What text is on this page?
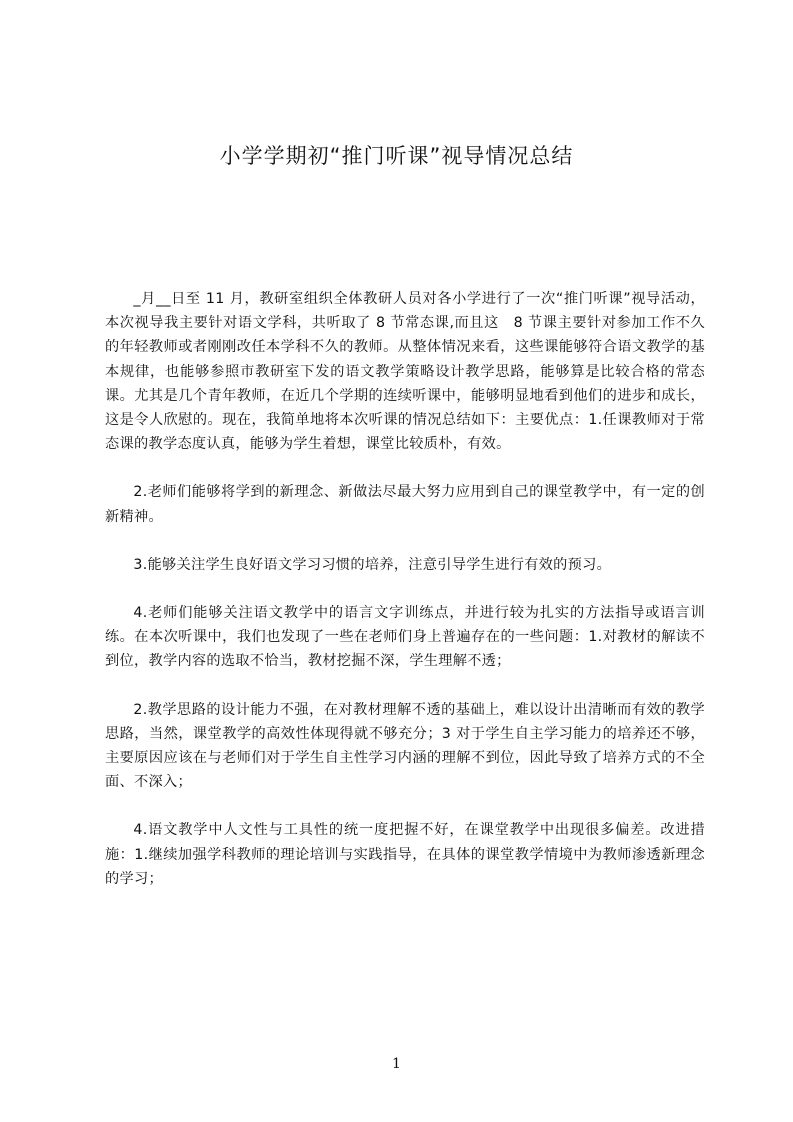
小学学期初“推门听课”视导情况总结

_月__日至 11 月，教研室组织全体教研人员对各小学进行了一次“推门听课”视导活动，本次视导我主要针对语文学科，共听取了 8 节常态课,而且这　8 节课主要针对参加工作不久的年轻教师或者刚刚改任本学科不久的教师。从整体情况来看，这些课能够符合语文教学的基本规律，也能够参照市教研室下发的语文教学策略设计教学思路，能够算是比较合格的常态课。尤其是几个青年教师，在近几个学期的连续听课中，能够明显地看到他们的进步和成长，这是令人欣慰的。现在，我简单地将本次听课的情况总结如下：主要优点：1.任课教师对于常态课的教学态度认真，能够为学生着想，课堂比较质朴，有效。

2.老师们能够将学到的新理念、新做法尽最大努力应用到自己的课堂教学中，有一定的创新精神。

3.能够关注学生良好语文学习习惯的培养，注意引导学生进行有效的预习。

4.老师们能够关注语文教学中的语言文字训练点，并进行较为扎实的方法指导或语言训练。在本次听课中，我们也发现了一些在老师们身上普遍存在的一些问题：1.对教材的解读不到位，教学内容的选取不恰当，教材挖掘不深，学生理解不透；

2.教学思路的设计能力不强，在对教材理解不透的基础上，难以设计出清晰而有效的教学思路，当然，课堂教学的高效性体现得就不够充分；3 对于学生自主学习能力的培养还不够，主要原因应该在与老师们对于学生自主性学习内涵的理解不到位，因此导致了培养方式的不全面、不深入；

4.语文教学中人文性与工具性的统一度把握不好，在课堂教学中出现很多偏差。改进措施：1.继续加强学科教师的理论培训与实践指导，在具体的课堂教学情境中为教师渗透新理念的学习；

1
